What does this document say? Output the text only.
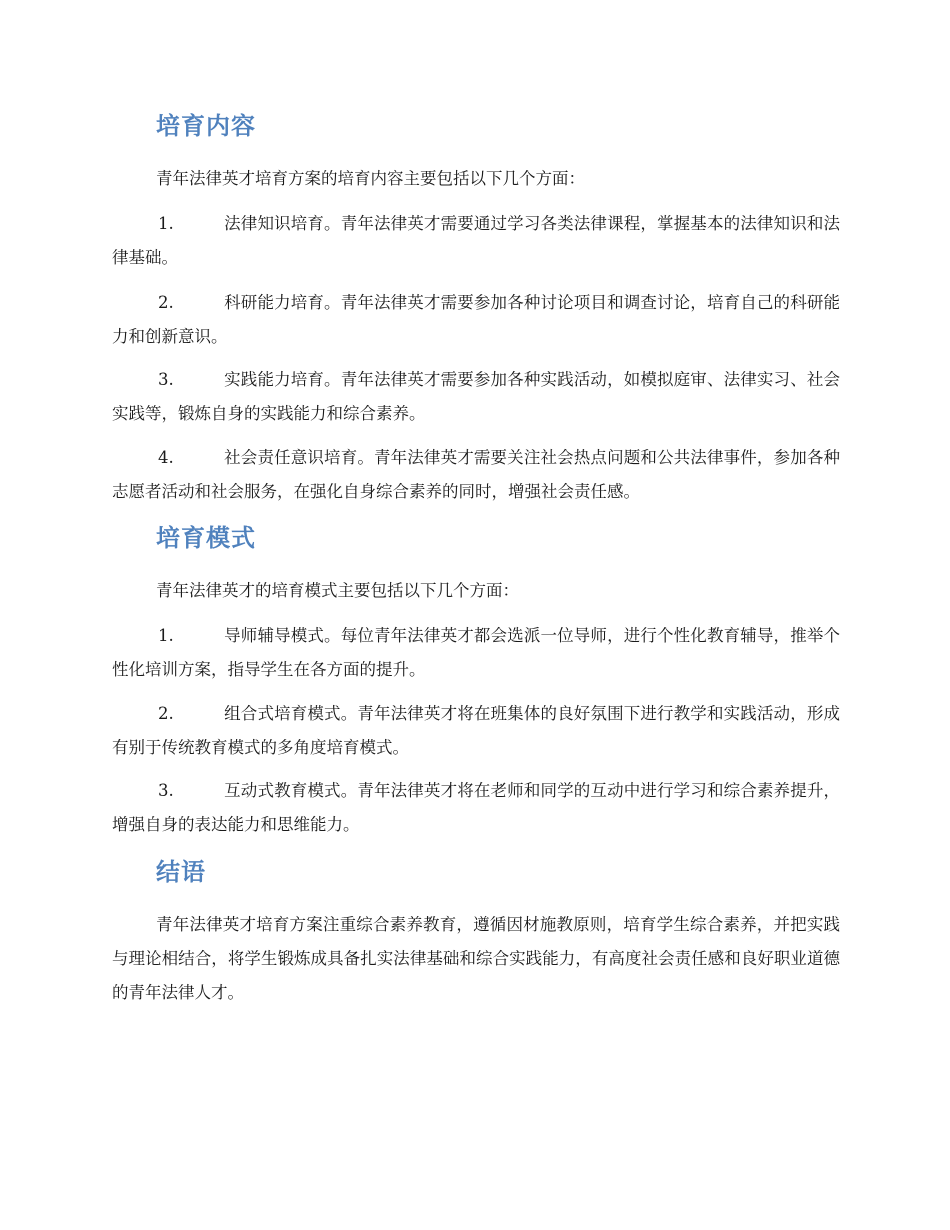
培育内容
青年法律英才培育方案的培育内容主要包括以下几个方面：
1.	法律知识培育。青年法律英才需要通过学习各类法律课程，掌握基本的法律知识和法律基础。
2.	科研能力培育。青年法律英才需要参加各种讨论项目和调查讨论，培育自己的科研能力和创新意识。
3.	实践能力培育。青年法律英才需要参加各种实践活动，如模拟庭审、法律实习、社会实践等，锻炼自身的实践能力和综合素养。
4.	社会责任意识培育。青年法律英才需要关注社会热点问题和公共法律事件，参加各种志愿者活动和社会服务，在强化自身综合素养的同时，增强社会责任感。
培育模式
青年法律英才的培育模式主要包括以下几个方面：
1.	导师辅导模式。每位青年法律英才都会选派一位导师，进行个性化教育辅导，推举个性化培训方案，指导学生在各方面的提升。
2.	组合式培育模式。青年法律英才将在班集体的良好氛围下进行教学和实践活动，形成有别于传统教育模式的多角度培育模式。
3.	互动式教育模式。青年法律英才将在老师和同学的互动中进行学习和综合素养提升，增强自身的表达能力和思维能力。
结语
青年法律英才培育方案注重综合素养教育，遵循因材施教原则，培育学生综合素养，并把实践与理论相结合，将学生锻炼成具备扎实法律基础和综合实践能力，有高度社会责任感和良好职业道德的青年法律人才。
